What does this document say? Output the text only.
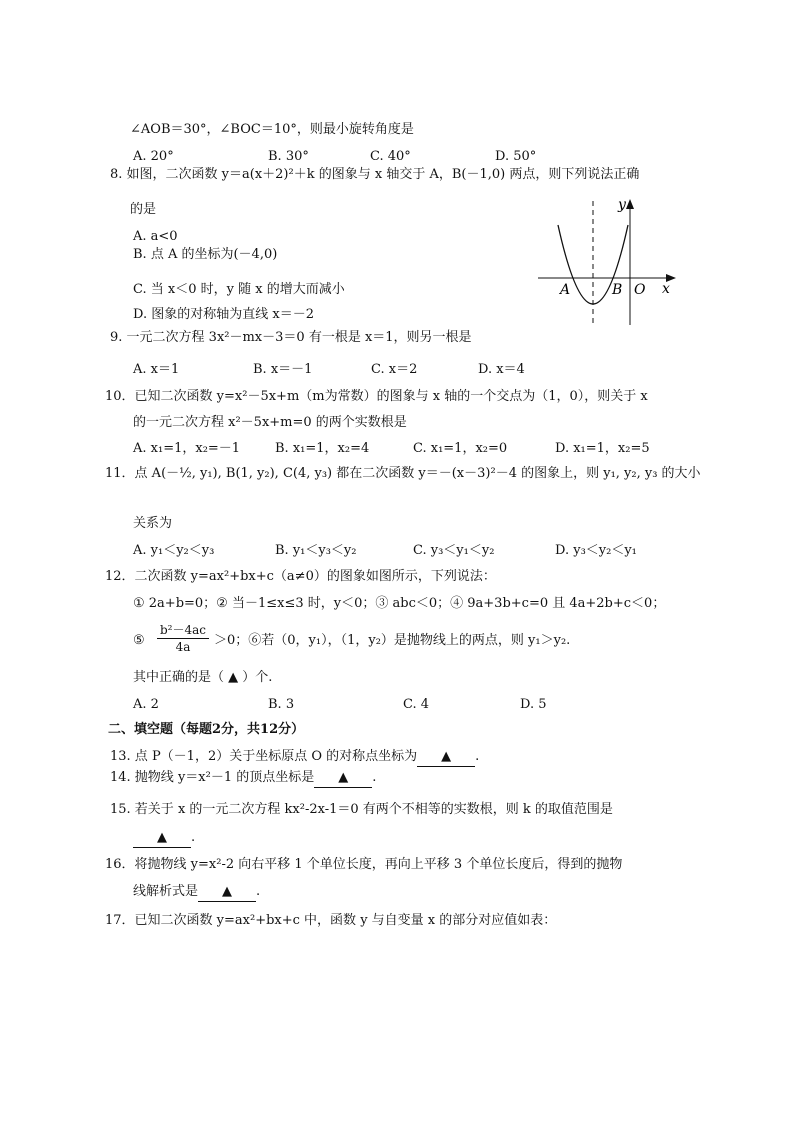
∠AOB＝30°，∠BOC＝10°，则最小旋转角度是
A. 20°	B. 30°	C. 40°	D. 50°
8. 如图，二次函数 y＝a(x＋2)²＋k 的图象与 x 轴交于 A，B(－1,0) 两点，则下列说法正确
的是
A. a<0
B. 点 A 的坐标为(－4,0)
C. 当 x＜0 时，y 随 x 的增大而减小
D. 图象的对称轴为直线 x＝－2
y
x
A	B O
9. 一元二次方程 3x²－mx－3＝0 有一根是 x＝1，则另一根是
A. x＝1	B. x＝－1	C. x＝2	D. x＝4
10．已知二次函数 y=x²－5x+m（m为常数）的图象与 x 轴的一个交点为（1，0），则关于 x
的一元二次方程 x²－5x+m=0 的两个实数根是
A. x₁=1，x₂=－1	B. x₁=1，x₂=4	C. x₁=1，x₂=0	D. x₁=1，x₂=5
11．点 A(－½, y₁), B(1, y₂), C(4, y₃) 都在二次函数 y＝－(x－3)²－4 的图象上，则 y₁, y₂, y₃ 的大小
关系为
A. y₁＜y₂＜y₃	B. y₁＜y₃＜y₂	C. y₃＜y₁＜y₂	D. y₃＜y₂＜y₁
12．二次函数 y=ax²+bx+c（a≠0）的图象如图所示，下列说法：
① 2a+b=0；② 当－1≤x≤3 时，y＜0；③ abc＜0；④ 9a+3b+c=0 且 4a+2b+c＜0；
⑤ $\frac{\text{b²－4ac}}{4a} >0$；⑥若（0，y₁），（1，y₂）是抛物线上的两点，则 y₁＞y₂.
其中正确的是（ ▲ ）个.
A. 2	B. 3	C. 4	D. 5
二、填空题（每题2分，共12分）
13. 点 P（－1，2）关于坐标原点 O 的对称点坐标为 ▲ .
14. 抛物线 y＝x²－1 的顶点坐标是 ▲ .
15. 若关于 x 的一元二次方程 kx²-2x-1＝0 有两个不相等的实数根，则 k 的取值范围是
▲ .
16．将抛物线 y=x²-2 向右平移 1 个单位长度，再向上平移 3 个单位长度后，得到的抛物
线解析式是 ▲ .
17．已知二次函数 y=ax²+bx+c 中，函数 y 与自变量 x 的部分对应值如表：
